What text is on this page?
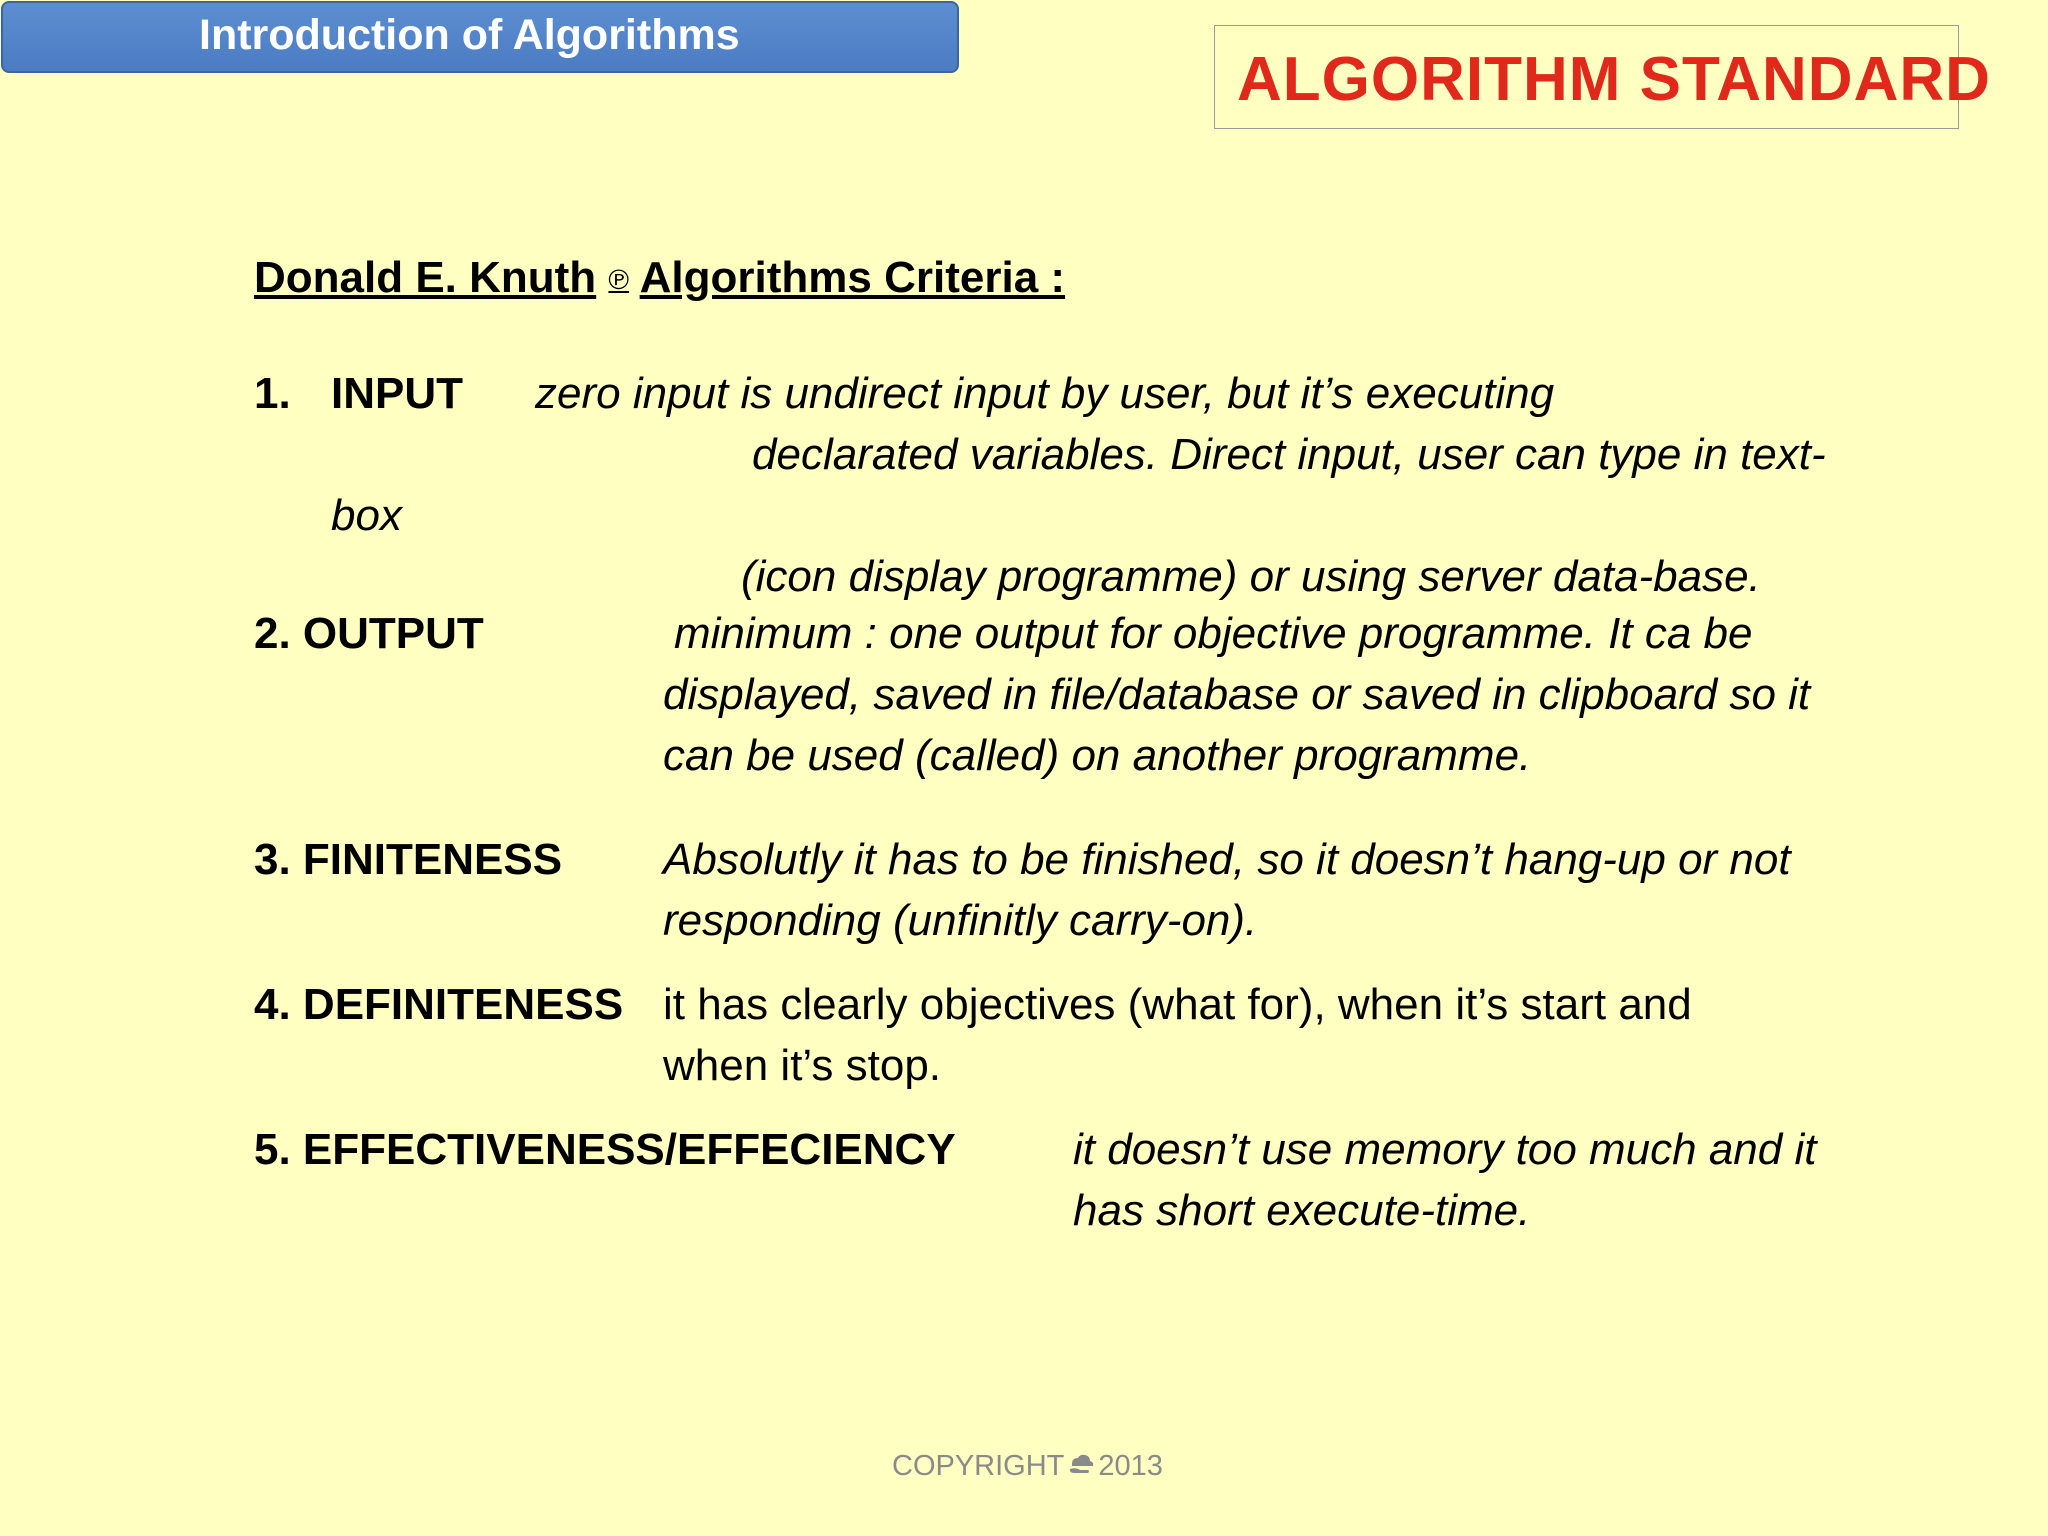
Introduction of Algorithms
ALGORITHM STANDARD
Donald E. Knuth ℗ Algorithms Criteria :
1. INPUT zero input is undirect input by user, but it’s executing
declarated variables. Direct input, user can type in text-
box
(icon display programme) or using server data-base.
2. OUTPUT	minimum : one output for objective programme. It ca be
displayed, saved in file/database or saved in clipboard so it
can be used (called) on another programme.
3. FINITENESS Absolutly it has to be finished, so it doesn’t hang-up or not
responding (unfinitly carry-on).
4. DEFINITENESS it has clearly objectives (what for), when it’s start and
when it’s stop.
5. EFFECTIVENESS/EFFECIENCY	it doesn’t use memory too much and it
has short execute-time.
COPYRIGHT 2013
